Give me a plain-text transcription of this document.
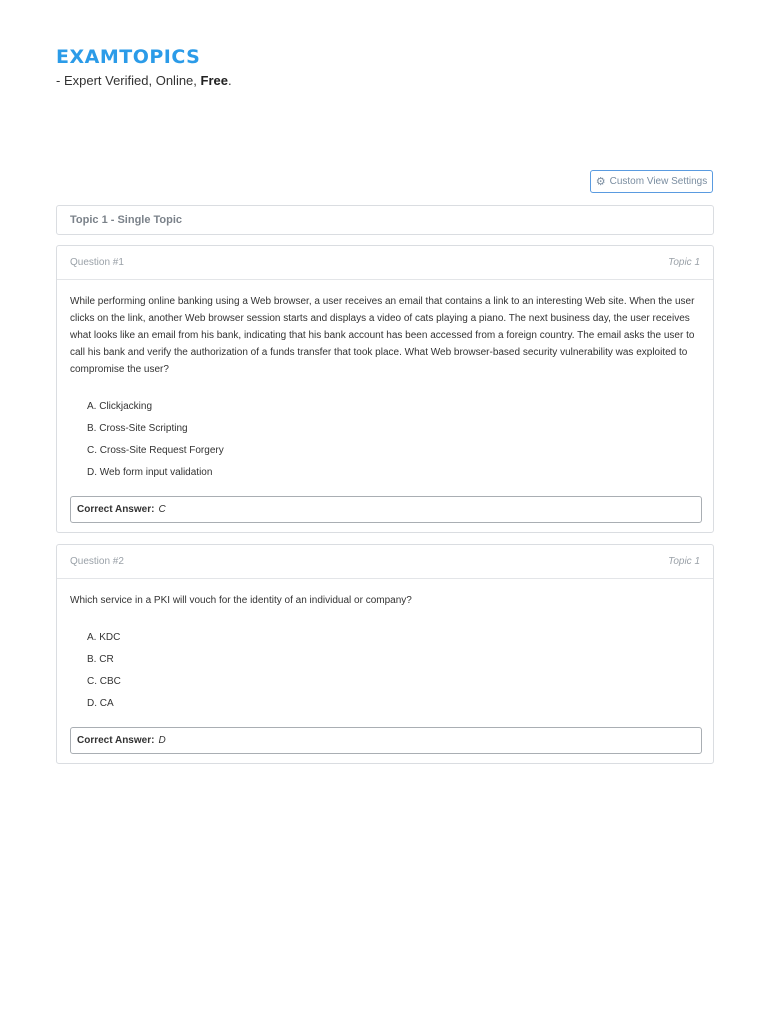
EXAMTOPICS
- Expert Verified, Online, Free.
⚙ Custom View Settings
Topic 1 - Single Topic
Question #1	Topic 1

While performing online banking using a Web browser, a user receives an email that contains a link to an interesting Web site. When the user clicks on the link, another Web browser session starts and displays a video of cats playing a piano. The next business day, the user receives what looks like an email from his bank, indicating that his bank account has been accessed from a foreign country. The email asks the user to call his bank and verify the authorization of a funds transfer that took place. What Web browser-based security vulnerability was exploited to compromise the user?

A. Clickjacking
B. Cross-Site Scripting
C. Cross-Site Request Forgery
D. Web form input validation
Correct Answer: C
Question #2	Topic 1

Which service in a PKI will vouch for the identity of an individual or company?

A. KDC
B. CR
C. CBC
D. CA
Correct Answer: D
